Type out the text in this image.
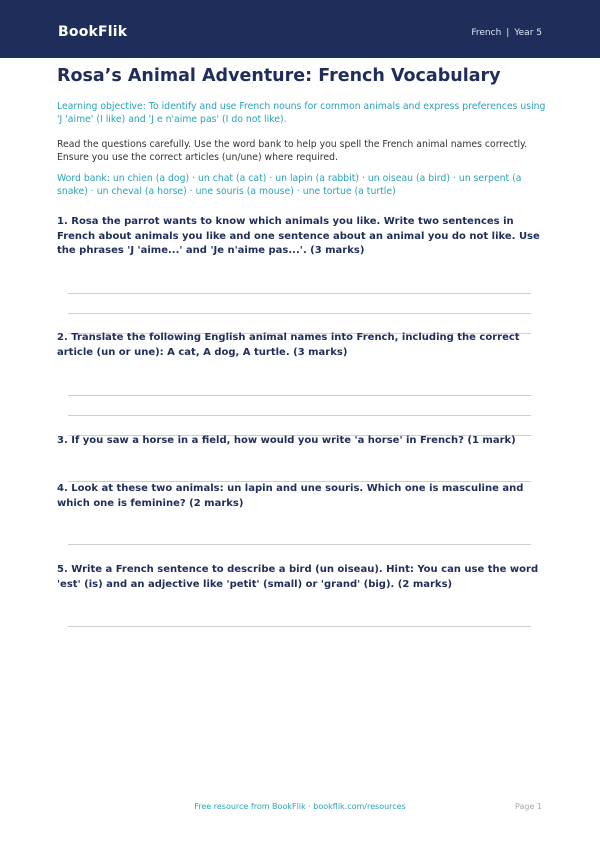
BookFlik	French | Year 5
Rosa’s Animal Adventure: French Vocabulary
Learning objective: To identify and use French nouns for common animals and express preferences using 'J 'aime' (I like) and 'J e n'aime pas' (I do not like).
Read the questions carefully. Use the word bank to help you spell the French animal names correctly. Ensure you use the correct articles (un/une) where required.
Word bank: un chien (a dog) · un chat (a cat) · un lapin (a rabbit) · un oiseau (a bird) · un serpent (a snake) · un cheval (a horse) · une souris (a mouse) · une tortue (a turtle)
1. Rosa the parrot wants to know which animals you like. Write two sentences in French about animals you like and one sentence about an animal you do not like. Use the phrases 'J 'aime...' and 'Je n'aime pas...'. (3 marks)
2. Translate the following English animal names into French, including the correct article (un or une): A cat, A dog, A turtle. (3 marks)
3. If you saw a horse in a field, how would you write 'a horse' in French? (1 mark)
4. Look at these two animals: un lapin and une souris. Which one is masculine and which one is feminine? (2 marks)
5. Write a French sentence to describe a bird (un oiseau). Hint: You can use the word 'est' (is) and an adjective like 'petit' (small) or 'grand' (big). (2 marks)
Free resource from BookFlik · bookflik.com/resources	Page 1
